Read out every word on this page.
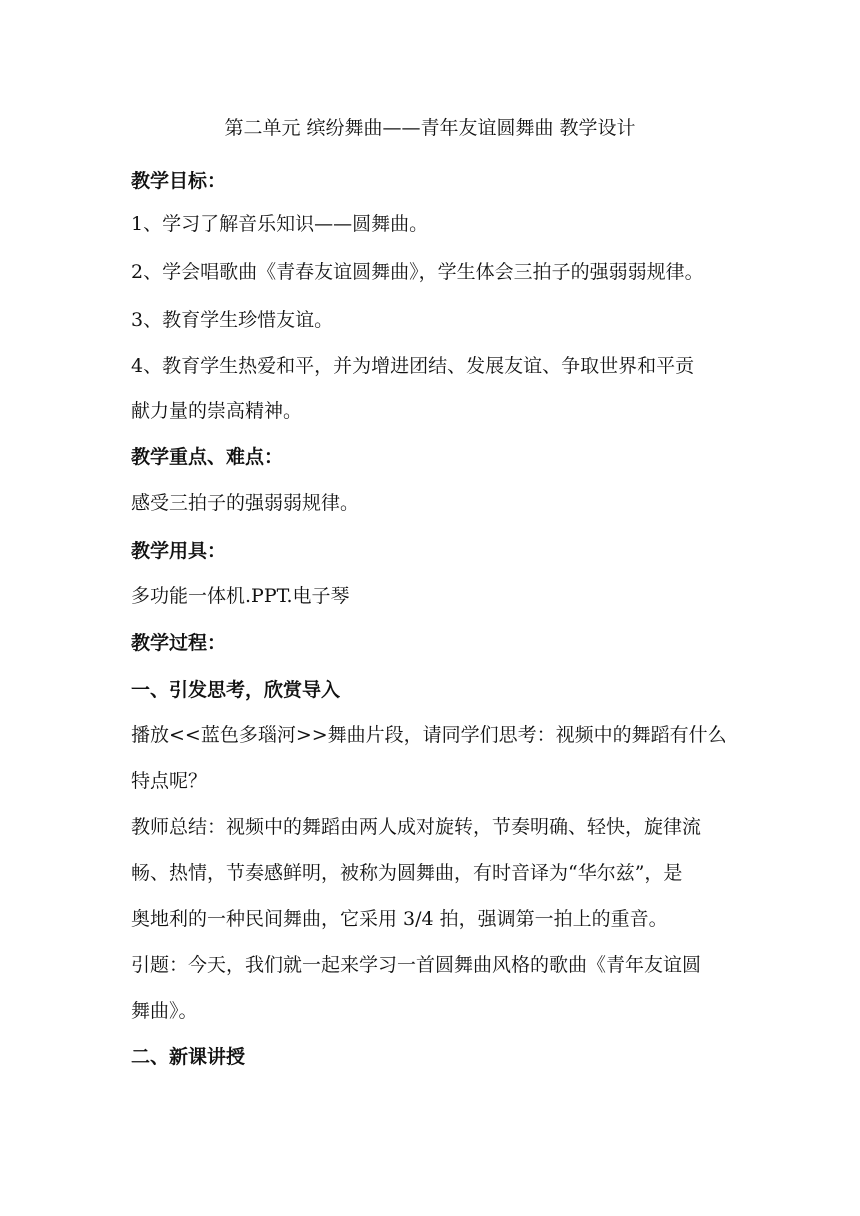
第二单元 缤纷舞曲——青年友谊圆舞曲 教学设计
教学目标：
1、学习了解音乐知识——圆舞曲。
2、学会唱歌曲《青春友谊圆舞曲》，学生体会三拍子的强弱弱规律。
3、教育学生珍惜友谊。
4、教育学生热爱和平，并为增进团结、发展友谊、争取世界和平贡
献力量的崇高精神。
教学重点、难点：
感受三拍子的强弱弱规律。
教学用具：
多功能一体机.PPT.电子琴
教学过程：
一、引发思考，欣赏导入
播放<<蓝色多瑙河>>舞曲片段，请同学们思考：视频中的舞蹈有什么
特点呢？
教师总结：视频中的舞蹈由两人成对旋转，节奏明确、轻快，旋律流
畅、热情，节奏感鲜明，被称为圆舞曲，有时音译为“华尔兹”，是
奥地利的一种民间舞曲，它采用 3/4 拍，强调第一拍上的重音。
引题：今天，我们就一起来学习一首圆舞曲风格的歌曲《青年友谊圆
舞曲》。
二、新课讲授
